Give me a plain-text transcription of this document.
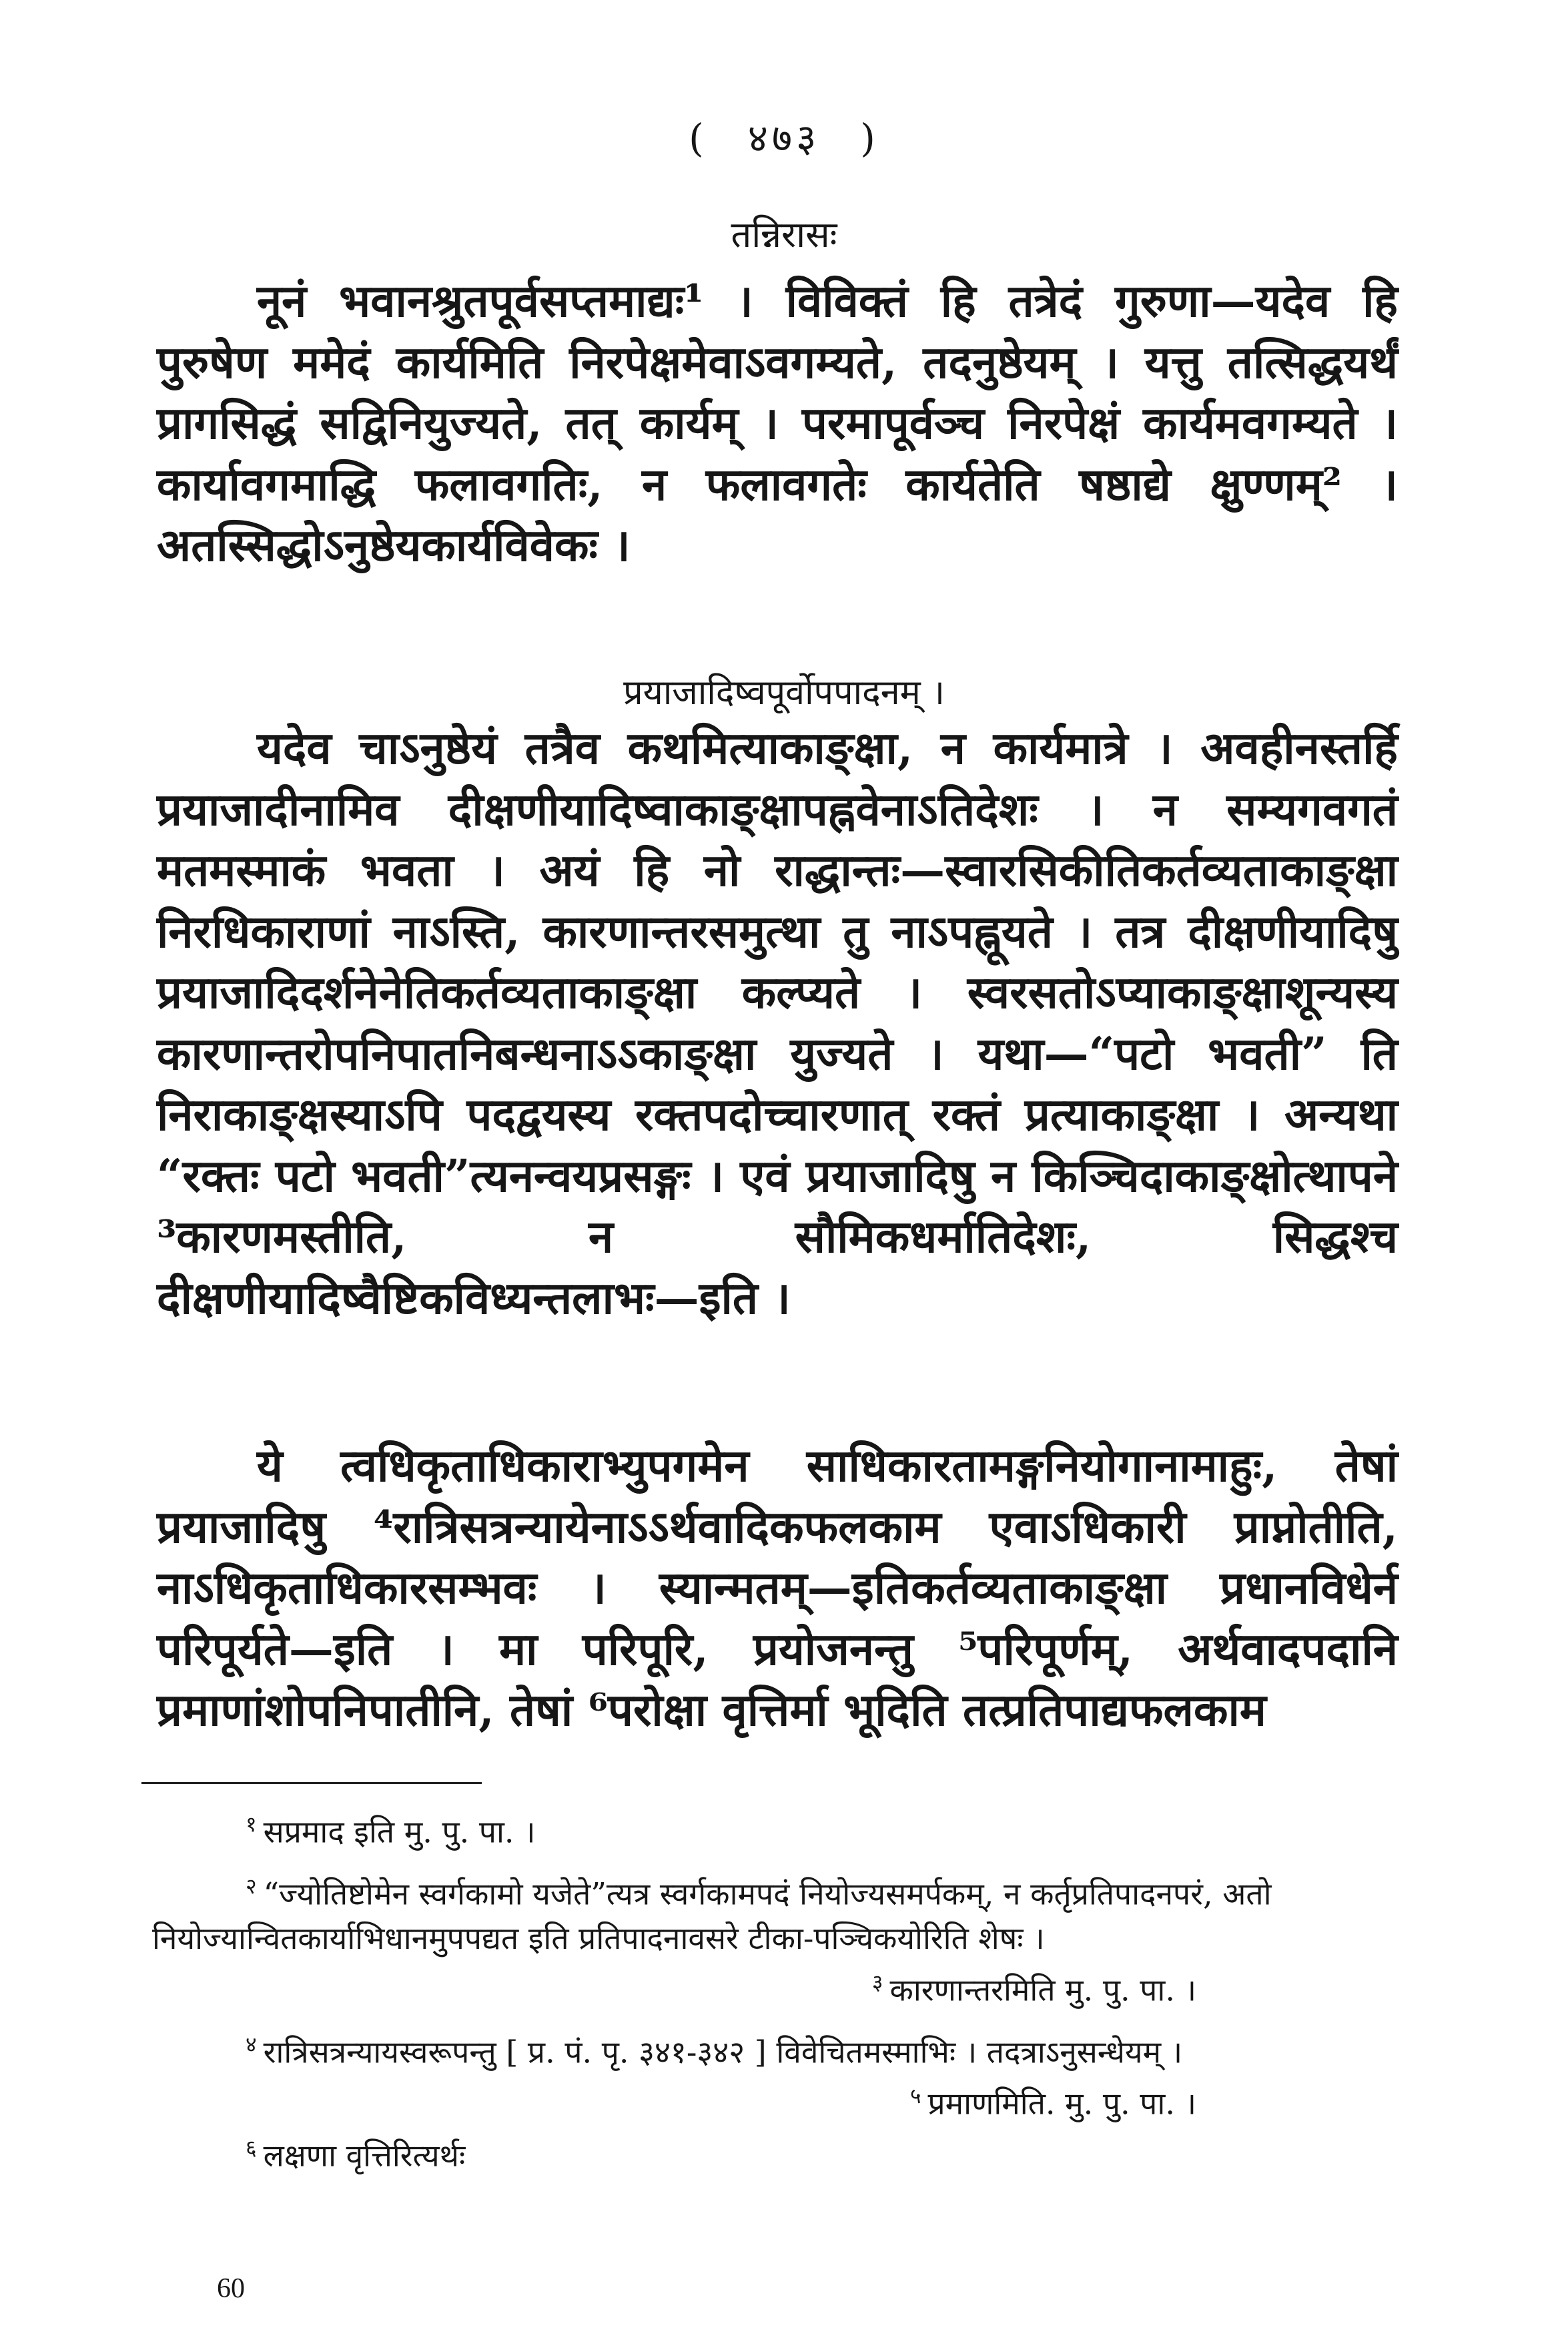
( ४७३ )
तन्निरासः

नूनं भवानश्रुतपूर्वसप्तमाद्यः¹ । विविक्तं हि तत्रेदं गुरुणा—यदेव हि पुरुषेण ममेदं कार्यमिति निरपेक्षमेवाऽवगम्यते, तदनुष्ठेयम् । यत्तु तत्सिद्धयर्थं प्रागसिद्धं सद्विनियुज्यते, तत् कार्यम् । परमापूर्वञ्च निरपेक्षं कार्यमवगम्यते । कार्यावगमाद्धि फलावगतिः, न फलावगतेः कार्यतेति षष्ठाद्ये क्षुण्णम्² । अतस्सिद्धोऽनुष्ठेयकार्यविवेकः ।

प्रयाजादिष्वपूर्वोपपादनम् ।

यदेव चाऽनुष्ठेयं तत्रैव कथमित्याकाङ्क्षा, न कार्यमात्रे । अवहीनस्तर्हि प्रयाजादीनामिव दीक्षणीयादिष्वाकाङ्क्षापह्नवेनाऽतिदेशः । न सम्यगवगतं मतमस्माकं भवता । अयं हि नो राद्धान्तः—स्वारसिकीतिकर्तव्यताकाङ्क्षा निरधिकाराणां नाऽस्ति, कारणान्तरसमुत्था तु नाऽपह्नूयते । तत्र दीक्षणीयादिषु प्रयाजादिदर्शनेनेतिकर्तव्यताकाङ्क्षा कल्प्यते । स्वरसतोऽप्याकाङ्क्षाशून्यस्य कारणान्तरोपनिपातनिबन्धनाऽऽकाङ्क्षा युज्यते । यथा—“पटो भवती” ति निराकाङ्क्षस्याऽपि पदद्वयस्य रक्तपदोच्चारणात् रक्तं प्रत्याकाङ्क्षा । अन्यथा “रक्तः पटो भवती”त्यनन्वयप्रसङ्गः । एवं प्रयाजादिषु न किञ्चिदाकाङ्क्षोत्थापने ³कारणमस्तीति, न सौमिकधर्मातिदेशः, सिद्धश्च दीक्षणीयादिष्वैष्टिकविध्यन्तलाभः—इति ।

ये त्वधिकृताधिकाराभ्युपगमेन साधिकारतामङ्गनियोगानामाहुः, तेषां प्रयाजादिषु ⁴रात्रिसत्रन्यायेनाऽऽर्थवादिकफलकाम एवाऽधिकारी प्राप्नोतीति, नाऽधिकृताधिकारसम्भवः । स्यान्मतम्—इतिकर्तव्यताकाङ्क्षा प्रधानविधेर्न परिपूर्यते—इति । मा परिपूरि, प्रयोजनन्तु ⁵परिपूर्णम्, अर्थवादपदानि प्रमाणांशोपनिपातीनि, तेषां ⁶परोक्षा वृत्तिर्मा भूदिति तत्प्रतिपाद्यफलकाम

$^१$ सप्रमाद इति मु. पु. पा. ।

$^२$ “ज्योतिष्टोमेन स्वर्गकामो यजेते”त्यत्र स्वर्गकामपदं नियोज्यसमर्पकम्, न कर्तृप्रतिपादनपरं, अतो नियोज्यान्वितकार्याभिधानमुपपद्यत इति प्रतिपादनावसरे टीका-पञ्चिकयोरिति शेषः ।

$^३$ कारणान्तरमिति मु. पु. पा. ।

$^४$ रात्रिसत्रन्यायस्वरूपन्तु [ प्र. पं. पृ. ३४१-३४२ ] विवेचितमस्माभिः । तदत्राऽनुसन्धेयम् ।

$^५$ प्रमाणमिति. मु. पु. पा. ।

$^६$ लक्षणा वृत्तिरित्यर्थः

60
